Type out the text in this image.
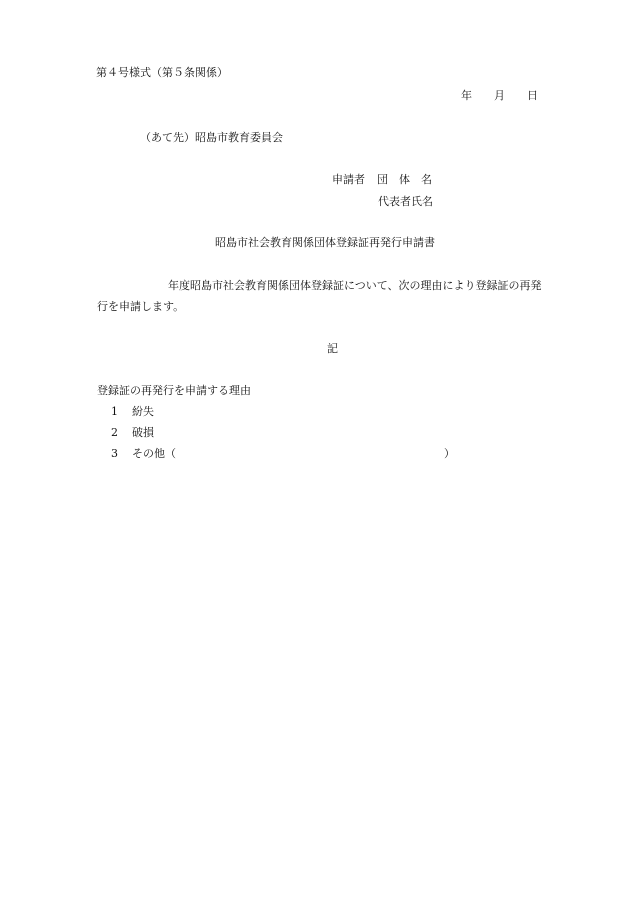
第４号様式（第５条関係）
年 月 日
（あて先）昭島市教育委員会
申請者 団　体　名
代表者氏名
昭島市社会教育関係団体登録証再発行申請書
年度昭島市社会教育関係団体登録証について、次の理由により登録証の再発
行を申請します。
記
登録証の再発行を申請する理由
1 紛失
2 破損
3 その他（	）
